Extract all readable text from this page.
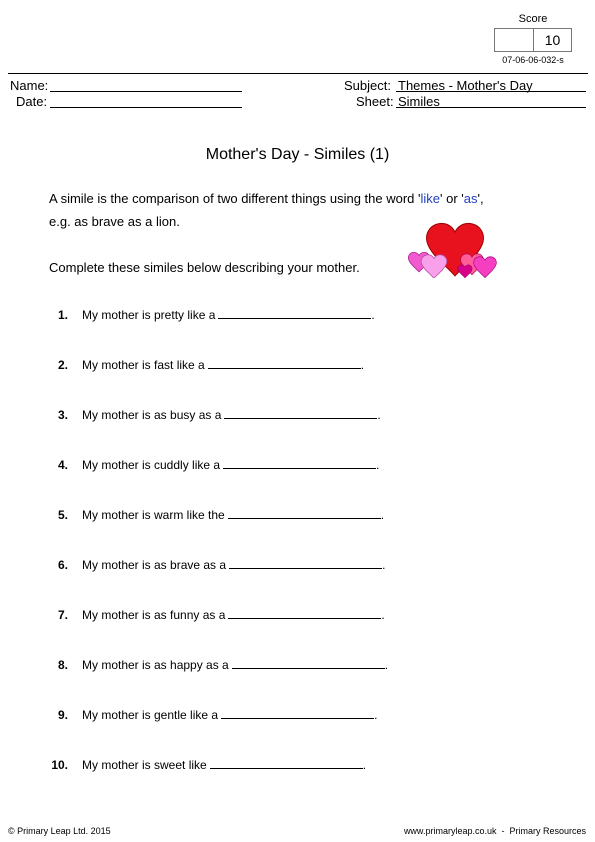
Score
10
07-06-06-032-s
Name:
Date:
Subject: Themes - Mother's Day
Sheet: Similes
Mother's Day - Similes (1)
A simile is the comparison of two different things using the word 'like' or 'as',
e.g. as brave as a lion.
Complete these similes below describing your mother.
1. My mother is pretty like a	.
2. My mother is fast like a	.
3. My mother is as busy as a	.
4. My mother is cuddly like a	.
5. My mother is warm like the	.
6. My mother is as brave as a	.
7. My mother is as funny as a	.
8. My mother is as happy as a	.
9. My mother is gentle like a	.
10. My mother is sweet like	.
© Primary Leap Ltd. 2015	www.primaryleap.co.uk  -  Primary Resources
